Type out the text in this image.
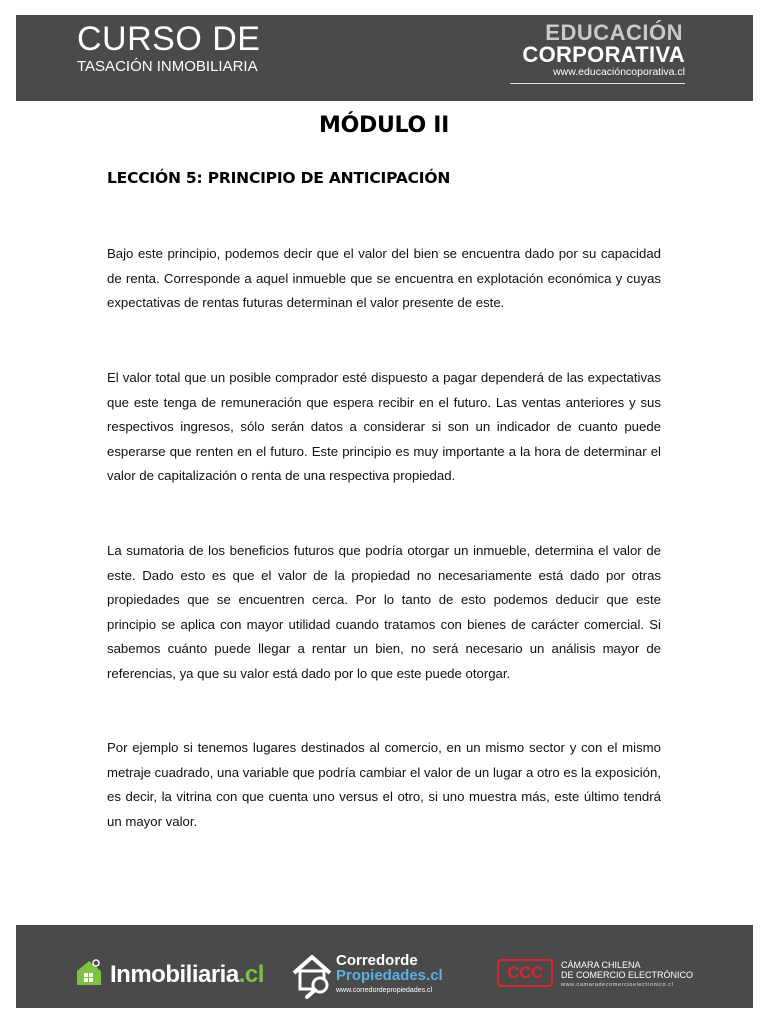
CURSO DE
TASACIÓN INMOBILIARIA
EDUCACIÓN
CORPORATIVA
www.educacióncoporativa.cl
MÓDULO II
LECCIÓN 5: PRINCIPIO DE ANTICIPACIÓN

Bajo este principio, podemos decir que el valor del bien se encuentra dado por su capacidad de renta. Corresponde a aquel inmueble que se encuentra en explotación económica y cuyas expectativas de rentas futuras determinan el valor presente de este.

El valor total que un posible comprador esté dispuesto a pagar dependerá de las expectativas que este tenga de remuneración que espera recibir en el futuro. Las ventas anteriores y sus respectivos ingresos, sólo serán datos a considerar si son un indicador de cuanto puede esperarse que renten en el futuro. Este principio es muy importante a la hora de determinar el valor de capitalización o renta de una respectiva propiedad.

La sumatoria de los beneficios futuros que podría otorgar un inmueble, determina el valor de este. Dado esto es que el valor de la propiedad no necesariamente está dado por otras propiedades que se encuentren cerca. Por lo tanto de esto podemos deducir que este principio se aplica con mayor utilidad cuando tratamos con bienes de carácter comercial. Si sabemos cuánto puede llegar a rentar un bien, no será necesario un análisis mayor de referencias, ya que su valor está dado por lo que este puede otorgar.

Por ejemplo si tenemos lugares destinados al comercio, en un mismo sector y con el mismo metraje cuadrado, una variable que podría cambiar el valor de un lugar a otro es la exposición, es decir, la vitrina con que cuenta uno versus el otro, si uno muestra más, este último tendrá un mayor valor.

Inmobiliaria.cl
Corredorde
Propiedades.cl
www.corredordepropiedades.cl
CCC	CÁMARA CHILENA
DE COMERCIO ELECTRÓNICO
www.camaradecomercioelectronico.cl
